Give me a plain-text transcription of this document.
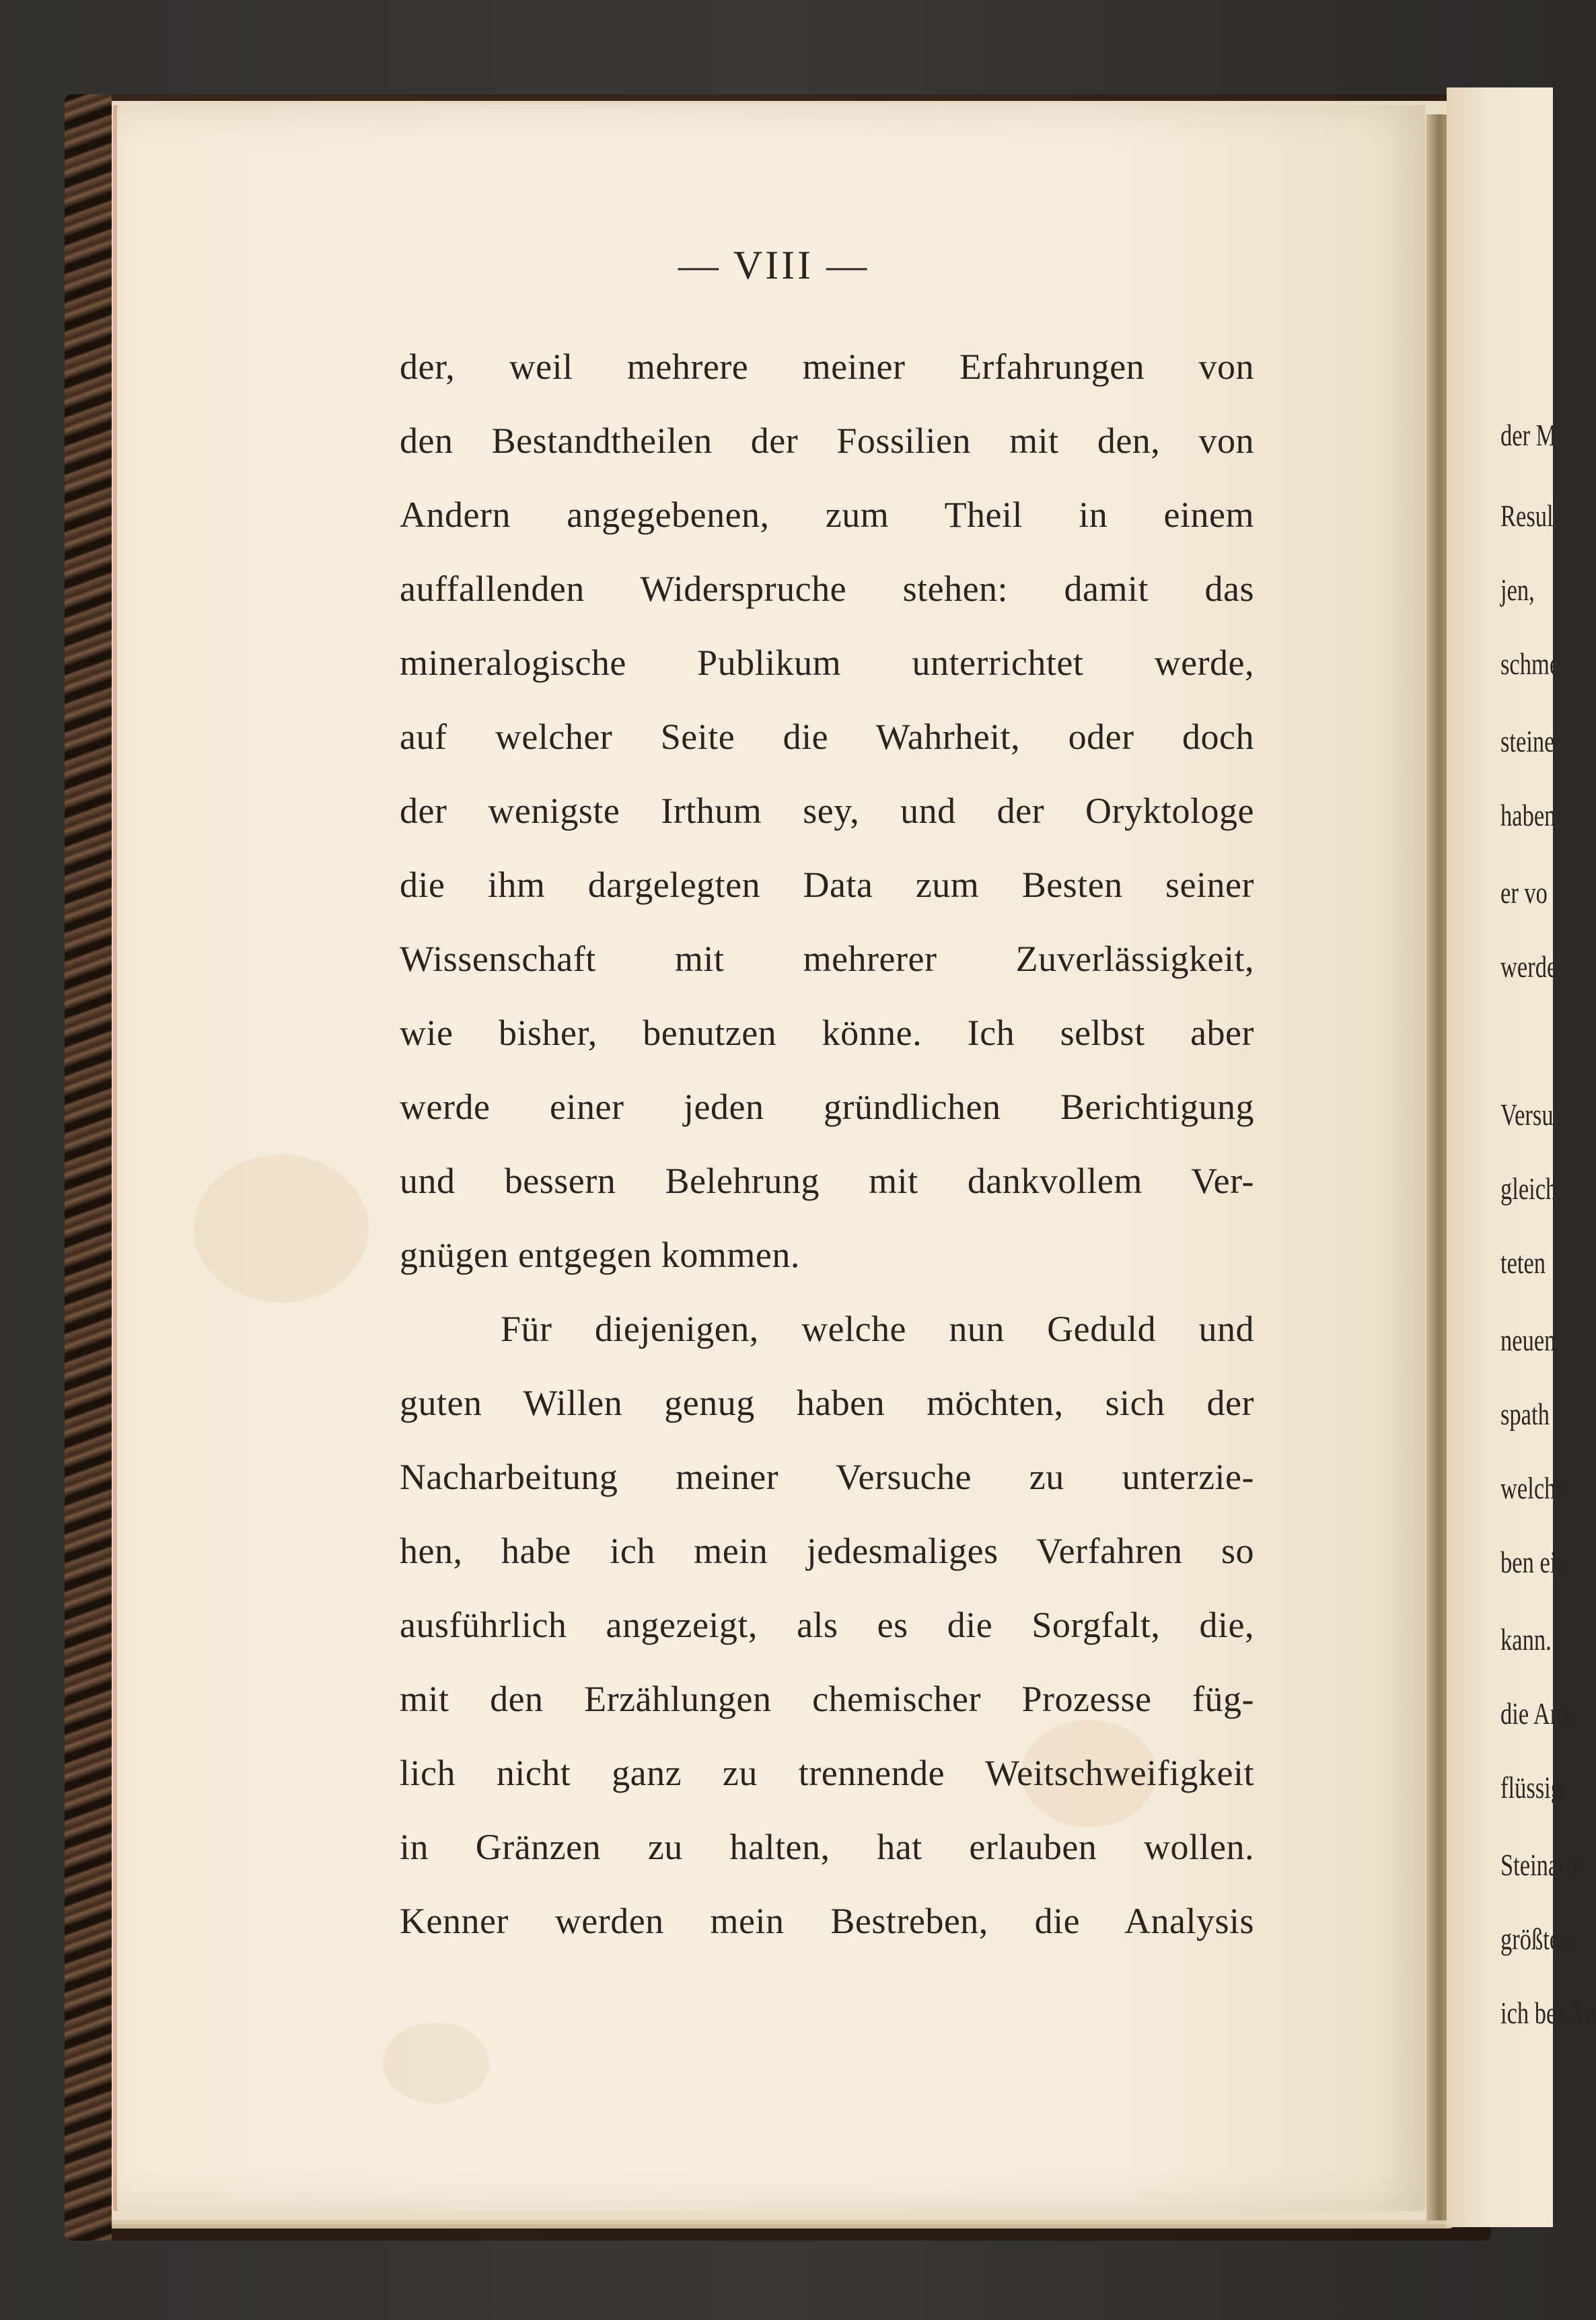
der M
Resul
jen,
schme
steine
haben
er vo
werde
Versu
gleich
teten
neuen
spath
welche
ben ein
kann.
die Anw
flüssig
Steinarte
größten
ich bei An
— VIII —
der, weil mehrere meiner Erfahrungen von
den Bestandtheilen der Fossilien mit den, von
Andern angegebenen, zum Theil in einem
auffallenden Widerspruche stehen: damit das
mineralogische Publikum unterrichtet werde,
auf welcher Seite die Wahrheit, oder doch
der wenigste Irthum sey, und der Oryktologe
die ihm dargelegten Data zum Besten seiner
Wissenschaft mit mehrerer Zuverlässigkeit,
wie bisher, benutzen könne. Ich selbst aber
werde einer jeden gründlichen Berichtigung
und bessern Belehrung mit dankvollem Ver-
gnügen entgegen kommen.
Für diejenigen, welche nun Geduld und
guten Willen genug haben möchten, sich der
Nacharbeitung meiner Versuche zu unterzie-
hen, habe ich mein jedesmaliges Verfahren so
ausführlich angezeigt, als es die Sorgfalt, die,
mit den Erzählungen chemischer Prozesse füg-
lich nicht ganz zu trennende Weitschweifigkeit
in Gränzen zu halten, hat erlauben wollen.
Kenner werden mein Bestreben, die Analysis
